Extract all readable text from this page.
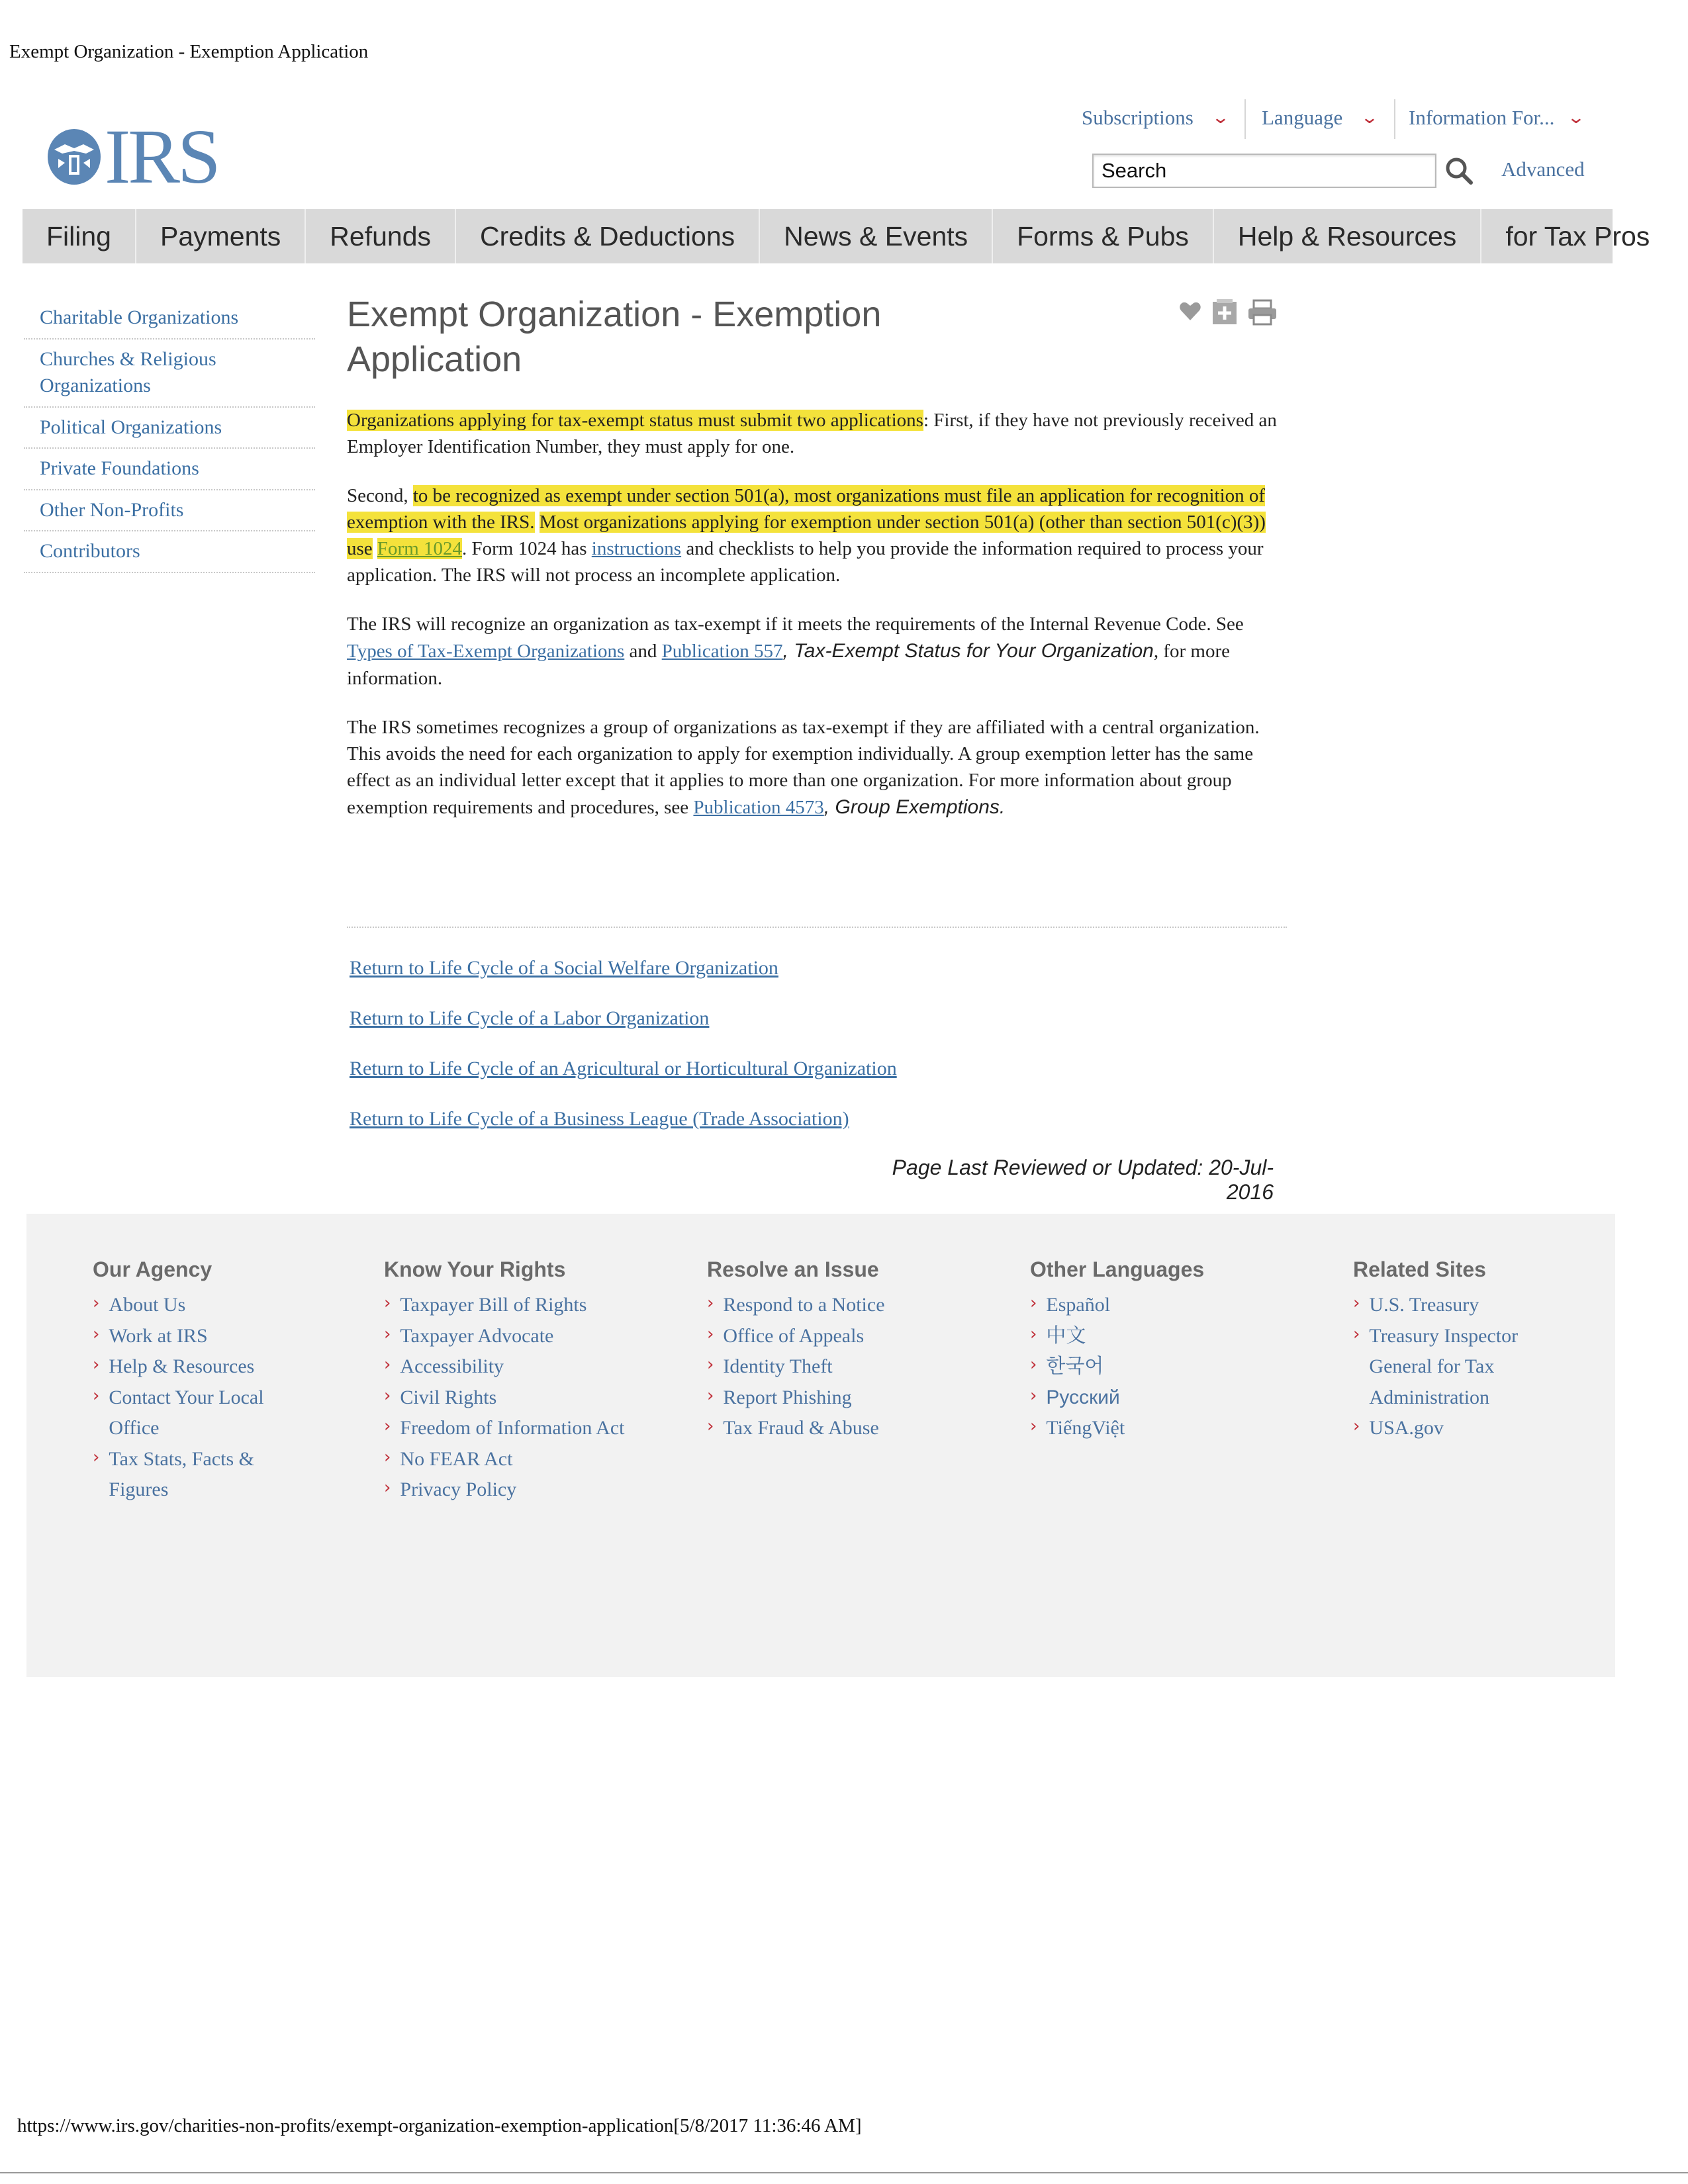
Exempt Organization - Exemption Application
IRS	Subscriptions ⌄ Language ⌄ Information For... ⌄
Search
Advanced
Filing	Payments	Refunds	Credits & Deductions	News & Events	Forms & Pubs	Help & Resources	for Tax Pros
Charitable Organizations
Churches & Religious Organizations
Political Organizations
Private Foundations
Other Non-Profits
Contributors
Exempt Organization - Exemption Application

Organizations applying for tax-exempt status must submit two applications: First, if they have not previously received an Employer Identification Number, they must apply for one.

Second, to be recognized as exempt under section 501(a), most organizations must file an application for recognition of exemption with the IRS. Most organizations applying for exemption under section 501(a) (other than section 501(c)(3)) use Form 1024. Form 1024 has instructions and checklists to help you provide the information required to process your application. The IRS will not process an incomplete application.

The IRS will recognize an organization as tax-exempt if it meets the requirements of the Internal Revenue Code. See Types of Tax-Exempt Organizations and Publication 557, Tax-Exempt Status for Your Organization, for more information.

The IRS sometimes recognizes a group of organizations as tax-exempt if they are affiliated with a central organization. This avoids the need for each organization to apply for exemption individually. A group exemption letter has the same effect as an individual letter except that it applies to more than one organization. For more information about group exemption requirements and procedures, see Publication 4573, Group Exemptions.

Return to Life Cycle of a Social Welfare Organization
Return to Life Cycle of a Labor Organization
Return to Life Cycle of an Agricultural or Horticultural Organization
Return to Life Cycle of a Business League (Trade Association)
Page Last Reviewed or Updated: 20-Jul-2016
Our Agency
› About Us
› Work at IRS
› Help & Resources
› Contact Your Local Office
› Tax Stats, Facts & Figures
Know Your Rights
› Taxpayer Bill of Rights
› Taxpayer Advocate
› Accessibility
› Civil Rights
› Freedom of Information Act
› No FEAR Act
› Privacy Policy
Resolve an Issue
› Respond to a Notice
› Office of Appeals
› Identity Theft
› Report Phishing
› Tax Fraud & Abuse
Other Languages
› Español
› 中文
› 한국어
› Русский
› TiếngViệt
Related Sites
› U.S. Treasury
› Treasury Inspector General for Tax Administration
› USA.gov
https://www.irs.gov/charities-non-profits/exempt-organization-exemption-application[5/8/2017 11:36:46 AM]
